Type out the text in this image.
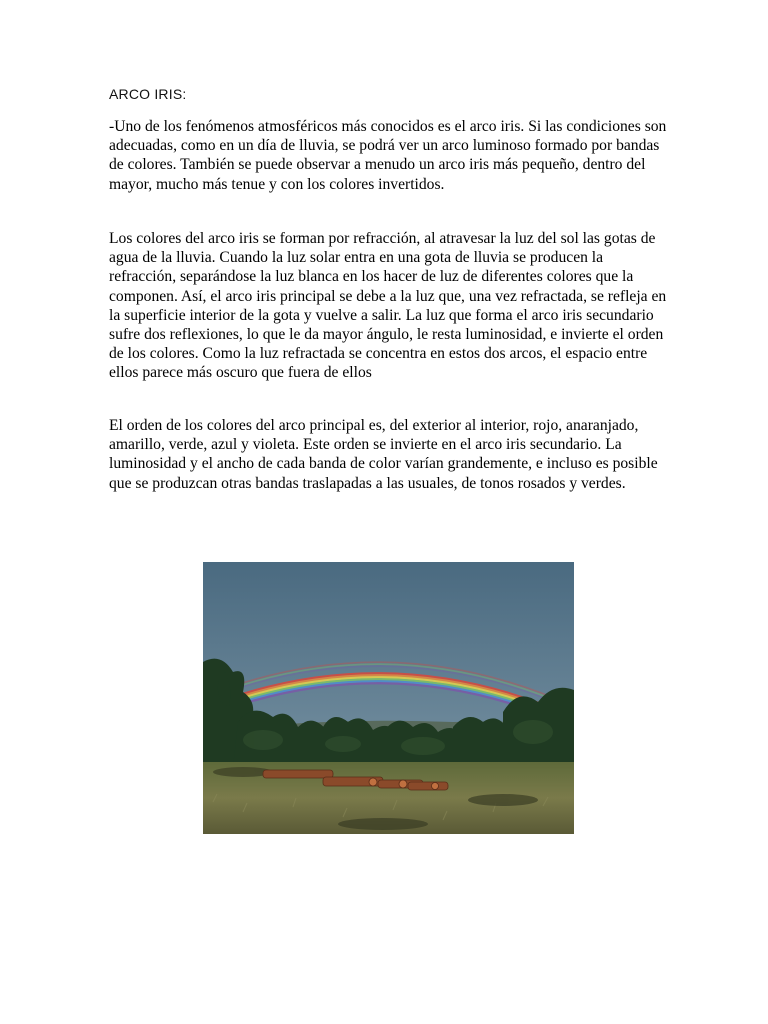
ARCO IRIS:

-Uno de los fenómenos atmosféricos más conocidos es el arco iris. Si las condiciones son adecuadas, como en un día de lluvia, se podrá ver un arco luminoso formado por bandas de colores. También se puede observar a menudo un arco iris más pequeño, dentro del mayor, mucho más tenue y con los colores invertidos.

Los colores del arco iris se forman por refracción, al atravesar la luz del sol las gotas de agua de la lluvia. Cuando la luz solar entra en una gota de lluvia se producen la refracción, separándose la luz blanca en los hacer de luz de diferentes colores que la componen. Así, el arco iris principal se debe a la luz que, una vez refractada, se refleja en la superficie interior de la gota y vuelve a salir. La luz que forma el arco iris secundario sufre dos reflexiones, lo que le da mayor ángulo, le resta luminosidad, e invierte el orden de los colores. Como la luz refractada se concentra en estos dos arcos, el espacio entre ellos parece más oscuro que fuera de ellos

El orden de los colores del arco principal es, del exterior al interior, rojo, anaranjado, amarillo, verde, azul y violeta. Este orden se invierte en el arco iris secundario. La luminosidad y el ancho de cada banda de color varían grandemente, e incluso es posible que se produzcan otras bandas traslapadas a las usuales, de tonos rosados y verdes.
